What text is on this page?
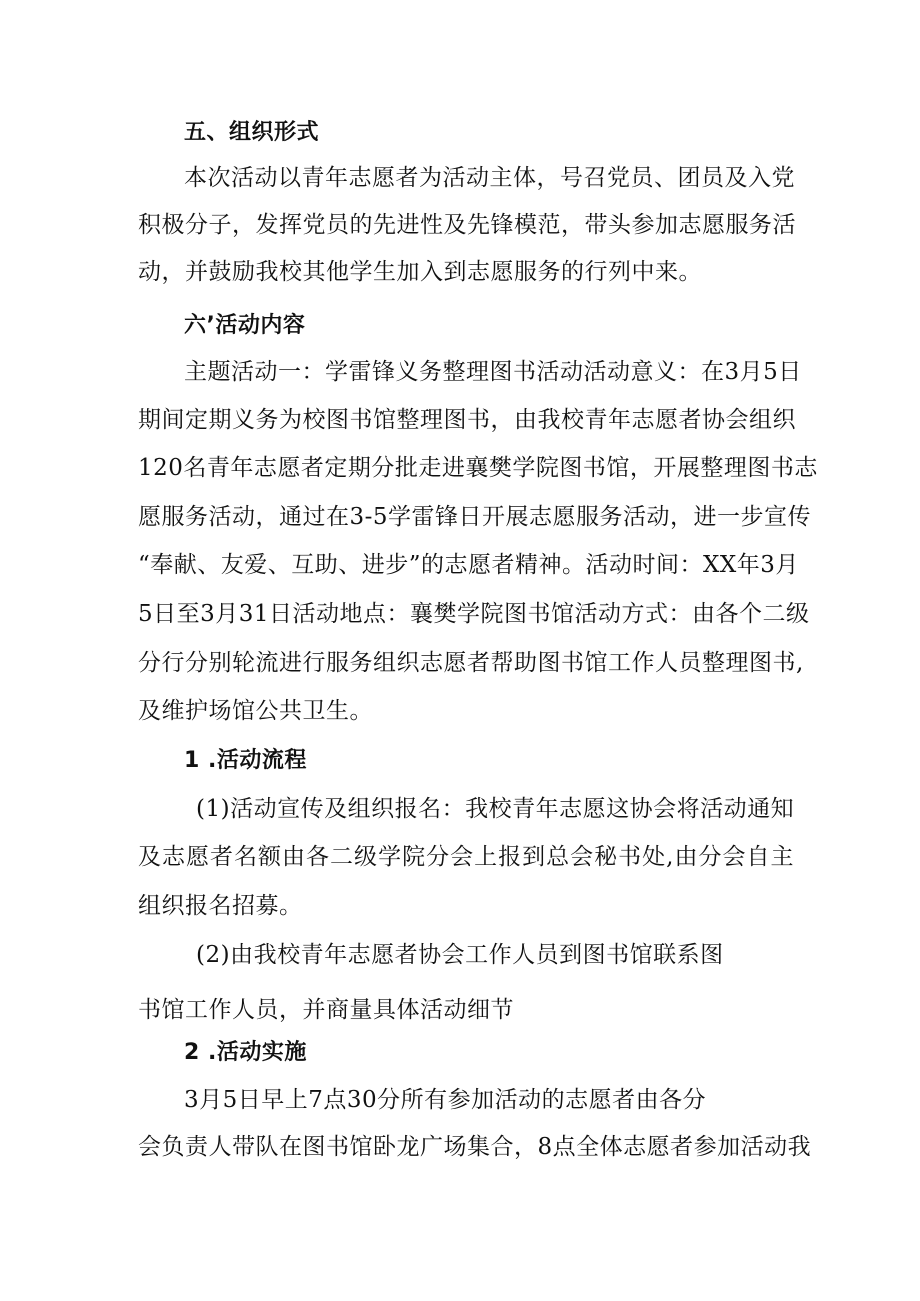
五、组织形式
本次活动以青年志愿者为活动主体，号召党员、团员及入党
积极分子，发挥党员的先进性及先锋模范，带头参加志愿服务活
动，并鼓励我校其他学生加入到志愿服务的行列中来。
六’活动内容
主题活动一：学雷锋义务整理图书活动活动意义：在3月5日
期间定期义务为校图书馆整理图书，由我校青年志愿者协会组织
120名青年志愿者定期分批走进襄樊学院图书馆，开展整理图书志
愿服务活动，通过在3-5学雷锋日开展志愿服务活动，进一步宣传
“奉献、友爱、互助、进步”的志愿者精神。活动时间：XX年3月
5日至3月31日活动地点：襄樊学院图书馆活动方式：由各个二级
分行分别轮流进行服务组织志愿者帮助图书馆工作人员整理图书,
及维护场馆公共卫生。
1 .活动流程
(1)活动宣传及组织报名：我校青年志愿这协会将活动通知
及志愿者名额由各二级学院分会上报到总会秘书处,由分会自主
组织报名招募。
(2)由我校青年志愿者协会工作人员到图书馆联系图
书馆工作人员，并商量具体活动细节
2 .活动实施
3月5日早上7点30分所有参加活动的志愿者由各分
会负责人带队在图书馆卧龙广场集合，8点全体志愿者参加活动我
